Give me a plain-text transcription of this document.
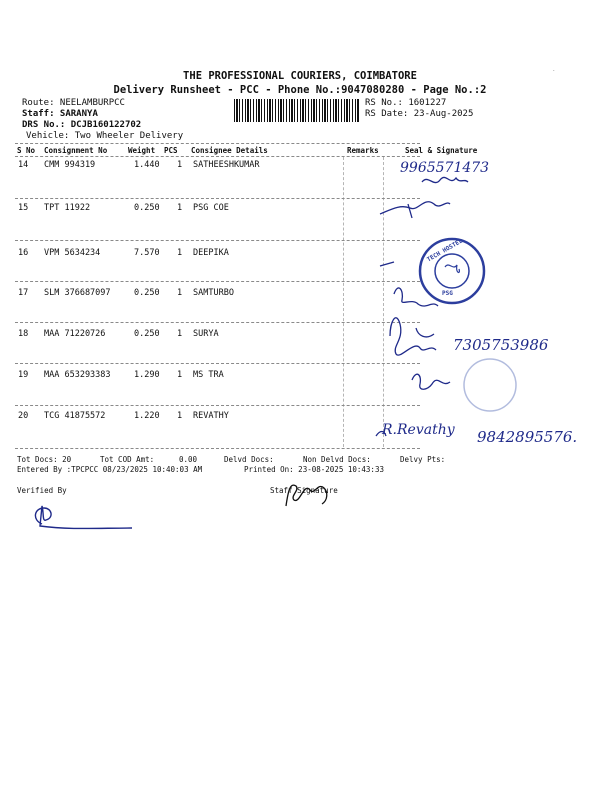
THE PROFESSIONAL COURIERS, COIMBATORE
Delivery Runsheet - PCC - Phone No.:9047080280 - Page No.:2
Route: NEELAMBURPCC
Staff: SARANYA
DRS No.: DCJB160122702
Vehicle: Two Wheeler Delivery
RS No.: 1601227
RS Date: 23-Aug-2025
S No Consignment No	Weight PCS Consignee Details	Remarks	Seal & Signature
14 CMM 994319	1.440 1 SATHEESHKUMAR
15 TPT 11922	0.250 1 PSG COE
16 VPM 5634234	7.570 1 DEEPIKA
17 SLM 376687097	0.250 1 SAMTURBO
18 MAA 71220726	0.250 1 SURYA
19 MAA 653293383	1.290 1 MS TRA
20 TCG 41875572	1.220 1 REVATHY
9965571473
7305753986
R.Revathy 9842895576.
TECH HOSTEL
PSG
Tot Docs: 20	Tot COD Amt:	0.00	Delvd Docs:	Non Delvd Docs:	Delvy Pts:
Entered By :TPCPCC 08/23/2025 10:40:03 AM	Printed On: 23-08-2025 10:43:33
Verified By	Staff Signature
.
